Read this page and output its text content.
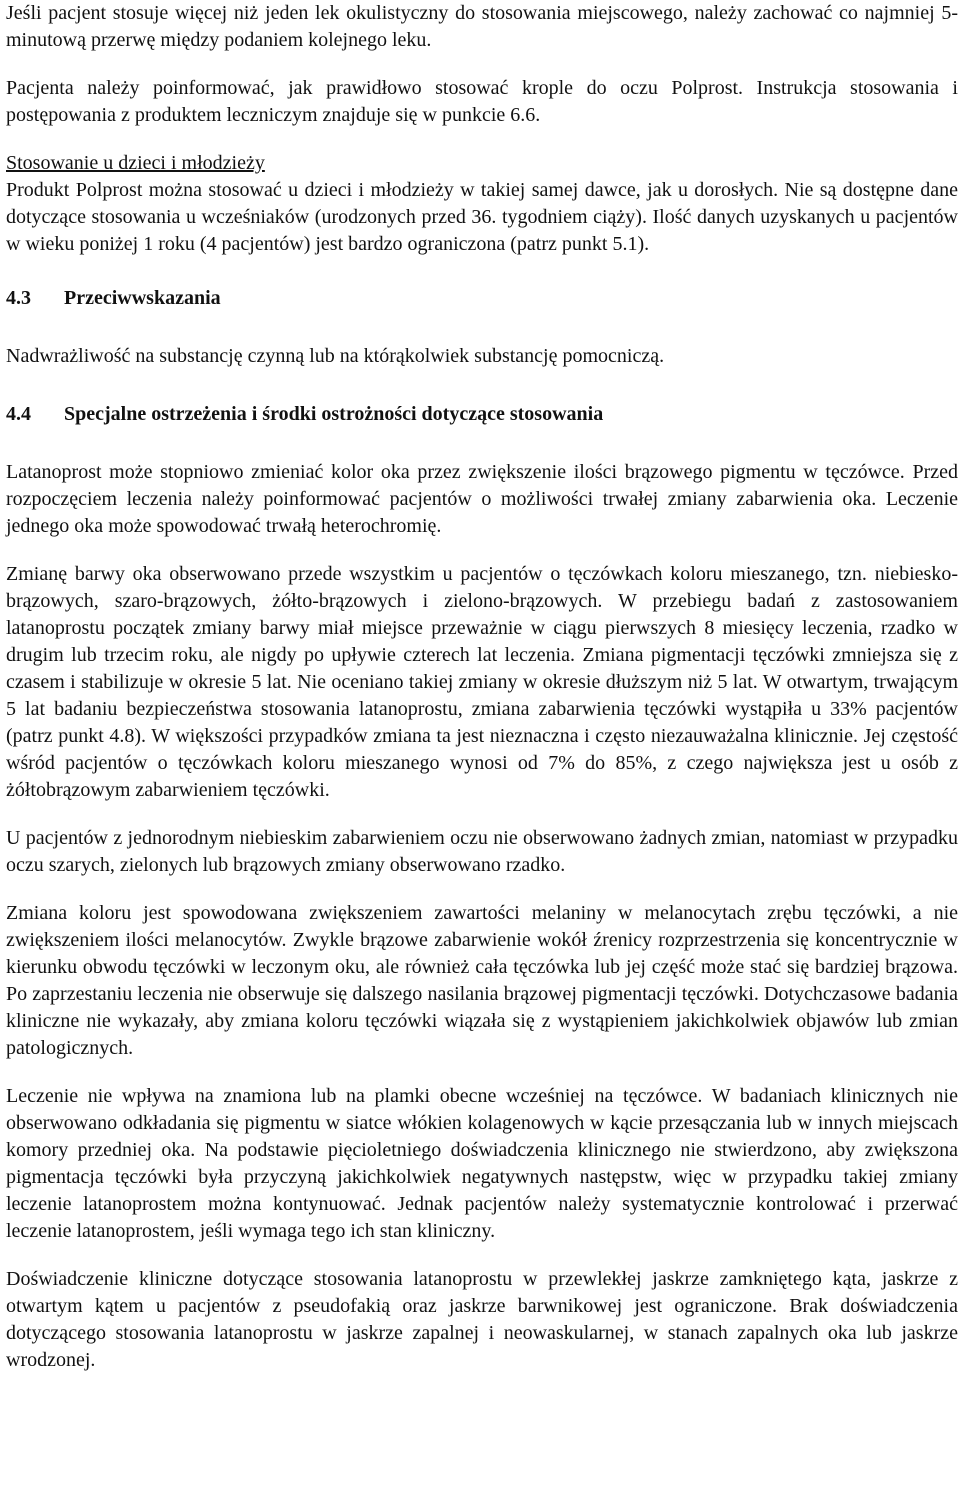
Jeśli pacjent stosuje więcej niż jeden lek okulistyczny do stosowania miejscowego, należy zachować co najmniej 5-minutową przerwę między podaniem kolejnego leku.

Pacjenta należy poinformować, jak prawidłowo stosować krople do oczu Polprost. Instrukcja stosowania i postępowania z produktem leczniczym znajduje się w punkcie 6.6.

Stosowanie u dzieci i młodzieży

Produkt Polprost można stosować u dzieci i młodzieży w takiej samej dawce, jak u dorosłych. Nie są dostępne dane dotyczące stosowania u wcześniaków (urodzonych przed 36. tygodniem ciąży). Ilość danych uzyskanych u pacjentów w wieku poniżej 1 roku (4 pacjentów) jest bardzo ograniczona (patrz punkt 5.1).

4.3	Przeciwwskazania

Nadwrażliwość na substancję czynną lub na którąkolwiek substancję pomocniczą.

4.4	Specjalne ostrzeżenia i środki ostrożności dotyczące stosowania

Latanoprost może stopniowo zmieniać kolor oka przez zwiększenie ilości brązowego pigmentu w tęczówce. Przed rozpoczęciem leczenia należy poinformować pacjentów o możliwości trwałej zmiany zabarwienia oka. Leczenie jednego oka może spowodować trwałą heterochromię.

Zmianę barwy oka obserwowano przede wszystkim u pacjentów o tęczówkach koloru mieszanego, tzn. niebiesko-brązowych, szaro-brązowych, żółto-brązowych i zielono-brązowych. W przebiegu badań z zastosowaniem latanoprostu początek zmiany barwy miał miejsce przeważnie w ciągu pierwszych 8 miesięcy leczenia, rzadko w drugim lub trzecim roku, ale nigdy po upływie czterech lat leczenia. Zmiana pigmentacji tęczówki zmniejsza się z czasem i stabilizuje w okresie 5 lat. Nie oceniano takiej zmiany w okresie dłuższym niż 5 lat. W otwartym, trwającym 5 lat badaniu bezpieczeństwa stosowania latanoprostu, zmiana zabarwienia tęczówki wystąpiła u 33% pacjentów (patrz punkt 4.8). W większości przypadków zmiana ta jest nieznaczna i często niezauważalna klinicznie. Jej częstość wśród pacjentów o tęczówkach koloru mieszanego wynosi od 7% do 85%, z czego największa jest u osób z żółtobrązowym zabarwieniem tęczówki.

U pacjentów z jednorodnym niebieskim zabarwieniem oczu nie obserwowano żadnych zmian, natomiast w przypadku oczu szarych, zielonych lub brązowych zmiany obserwowano rzadko.

Zmiana koloru jest spowodowana zwiększeniem zawartości melaniny w melanocytach zrębu tęczówki, a nie zwiększeniem ilości melanocytów. Zwykle brązowe zabarwienie wokół źrenicy rozprzestrzenia się koncentrycznie w kierunku obwodu tęczówki w leczonym oku, ale również cała tęczówka lub jej część może stać się bardziej brązowa. Po zaprzestaniu leczenia nie obserwuje się dalszego nasilania brązowej pigmentacji tęczówki. Dotychczasowe badania kliniczne nie wykazały, aby zmiana koloru tęczówki wiązała się z wystąpieniem jakichkolwiek objawów lub zmian patologicznych.

Leczenie nie wpływa na znamiona lub na plamki obecne wcześniej na tęczówce. W badaniach klinicznych nie obserwowano odkładania się pigmentu w siatce włókien kolagenowych w kącie przesączania lub w innych miejscach komory przedniej oka. Na podstawie pięcioletniego doświadczenia klinicznego nie stwierdzono, aby zwiększona pigmentacja tęczówki była przyczyną jakichkolwiek negatywnych następstw, więc w przypadku takiej zmiany leczenie latanoprostem można kontynuować. Jednak pacjentów należy systematycznie kontrolować i przerwać leczenie latanoprostem, jeśli wymaga tego ich stan kliniczny.

Doświadczenie kliniczne dotyczące stosowania latanoprostu w przewlekłej jaskrze zamkniętego kąta, jaskrze z otwartym kątem u pacjentów z pseudofakią oraz jaskrze barwnikowej jest ograniczone. Brak doświadczenia dotyczącego stosowania latanoprostu w jaskrze zapalnej i neowaskularnej, w stanach zapalnych oka lub jaskrze wrodzonej.
